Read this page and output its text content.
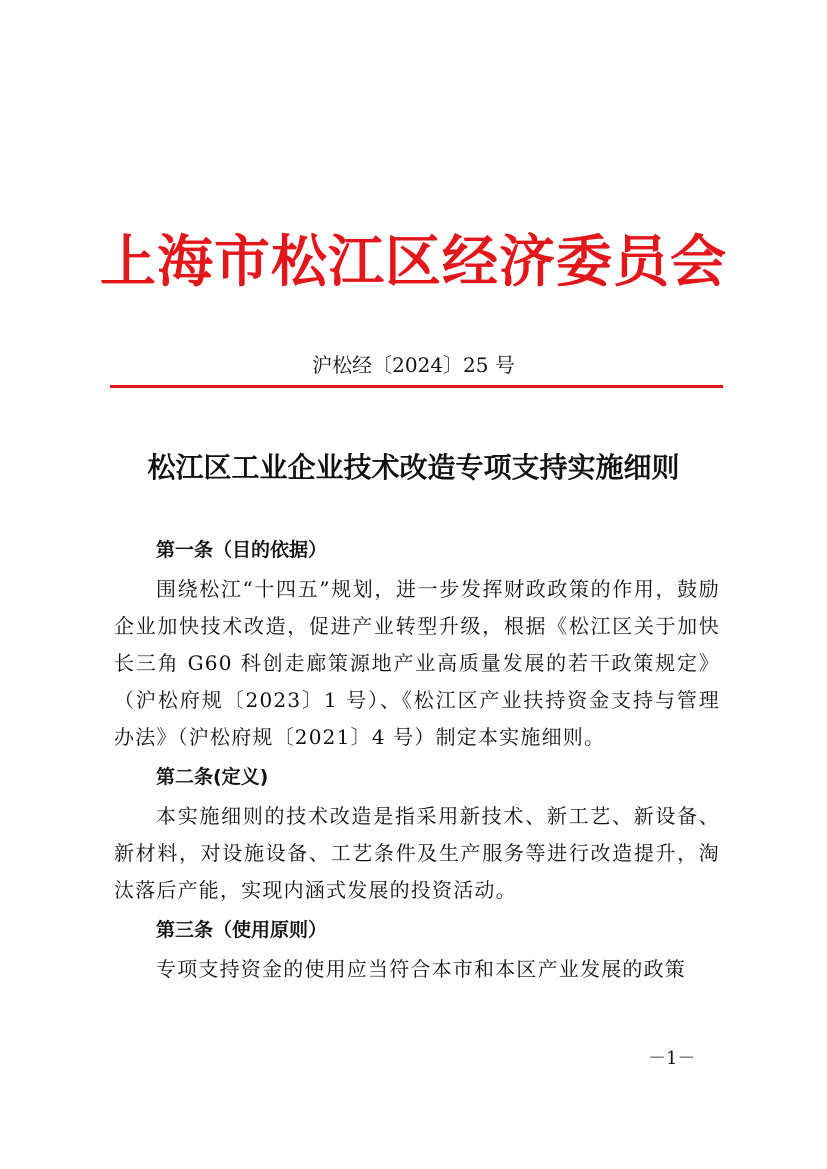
上海市松江区经济委员会
沪松经〔2024〕25 号
松江区工业企业技术改造专项支持实施细则
第一条（目的依据）
围绕松江“十四五”规划，进一步发挥财政政策的作用，鼓励企业加快技术改造，促进产业转型升级，根据《松江区关于加快长三角 G60 科创走廊策源地产业高质量发展的若干政策规定》（沪松府规〔2023〕1 号）、《松江区产业扶持资金支持与管理办法》（沪松府规〔2021〕4 号）制定本实施细则。
第二条(定义)
本实施细则的技术改造是指采用新技术、新工艺、新设备、新材料，对设施设备、工艺条件及生产服务等进行改造提升，淘汰落后产能，实现内涵式发展的投资活动。
第三条（使用原则）
专项支持资金的使用应当符合本市和本区产业发展的政策
－1－
